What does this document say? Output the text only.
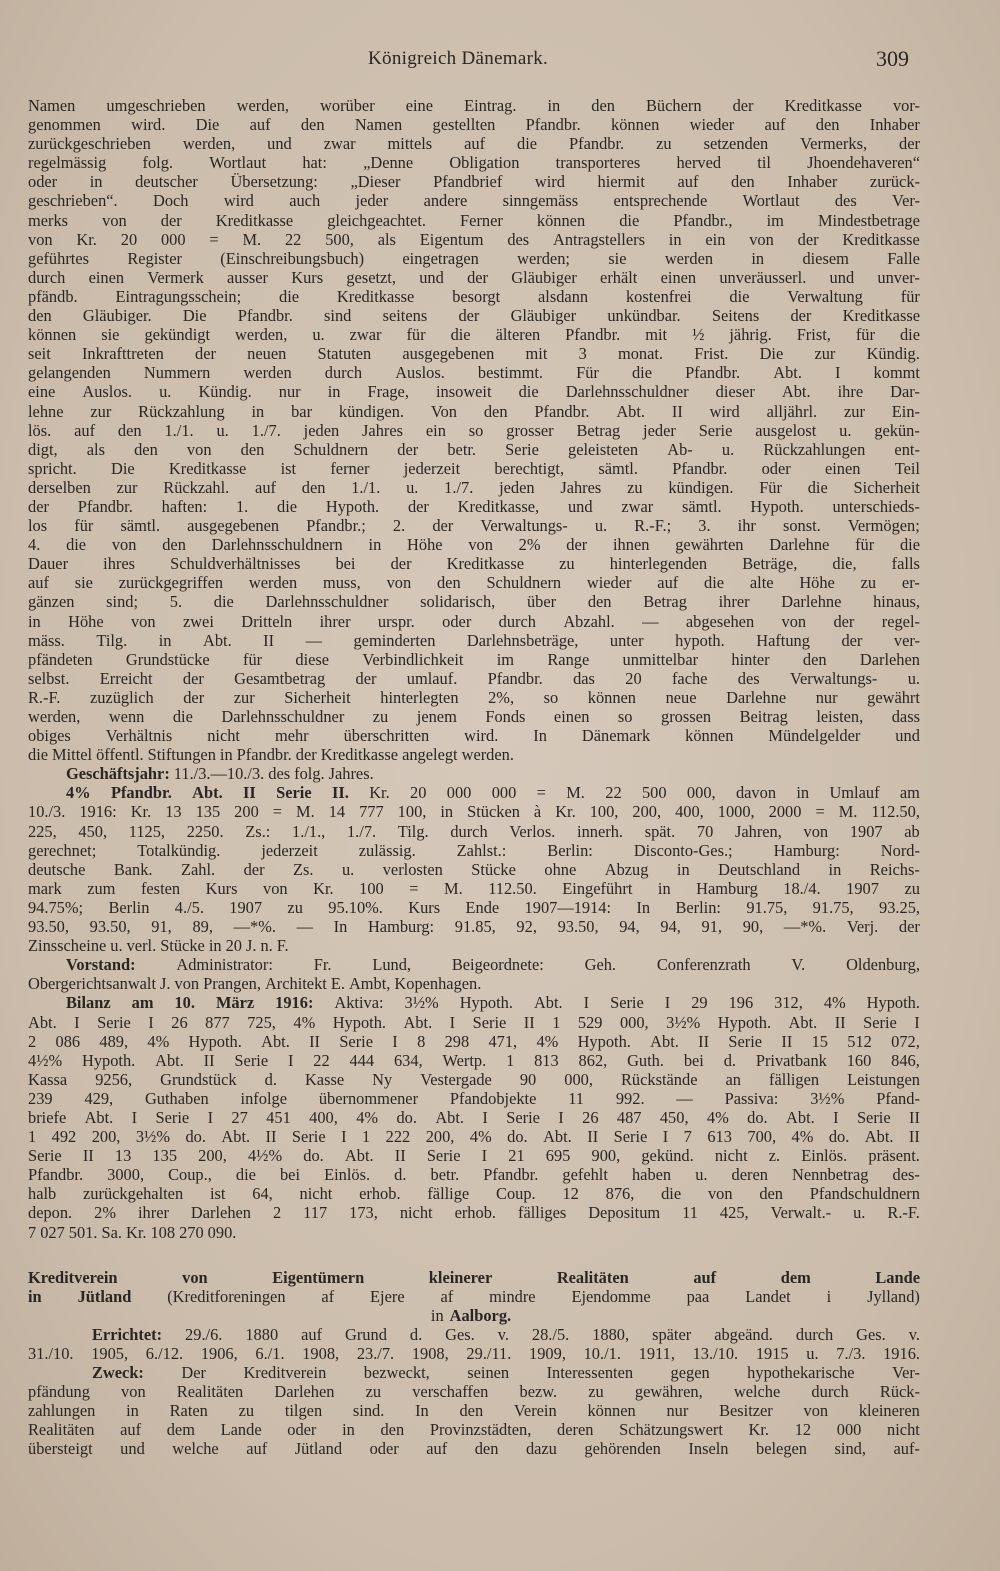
Königreich Dänemark.	309
Namen umgeschrieben werden, worüber eine Eintrag. in den Büchern der Kreditkasse vor-
genommen wird. Die auf den Namen gestellten Pfandbr. können wieder auf den Inhaber
zurückgeschrieben werden, und zwar mittels auf die Pfandbr. zu setzenden Vermerks, der
regelmässig folg. Wortlaut hat: „Denne Obligation transporteres herved til Jhoendehaveren“
oder in deutscher Übersetzung: „Dieser Pfandbrief wird hiermit auf den Inhaber zurück-
geschrieben“. Doch wird auch jeder andere sinngemäss entsprechende Wortlaut des Ver-
merks von der Kreditkasse gleichgeachtet. Ferner können die Pfandbr., im Mindestbetrage
von Kr. 20 000 = M. 22 500, als Eigentum des Antragstellers in ein von der Kreditkasse
geführtes Register (Einschreibungsbuch) eingetragen werden; sie werden in diesem Falle
durch einen Vermerk ausser Kurs gesetzt, und der Gläubiger erhält einen unveräusserl. und unver-
pfändb. Eintragungsschein; die Kreditkasse besorgt alsdann kostenfrei die Verwaltung für
den Gläubiger. Die Pfandbr. sind seitens der Gläubiger unkündbar. Seitens der Kreditkasse
können sie gekündigt werden, u. zwar für die älteren Pfandbr. mit ½ jährig. Frist, für die
seit Inkrafttreten der neuen Statuten ausgegebenen mit 3 monat. Frist. Die zur Kündig.
gelangenden Nummern werden durch Auslos. bestimmt. Für die Pfandbr. Abt. I kommt
eine Auslos. u. Kündig. nur in Frage, insoweit die Darlehnsschuldner dieser Abt. ihre Dar-
lehne zur Rückzahlung in bar kündigen. Von den Pfandbr. Abt. II wird alljährl. zur Ein-
lös. auf den 1./1. u. 1./7. jeden Jahres ein so grosser Betrag jeder Serie ausgelost u. gekün-
digt, als den von den Schuldnern der betr. Serie geleisteten Ab- u. Rückzahlungen ent-
spricht. Die Kreditkasse ist ferner jederzeit berechtigt, sämtl. Pfandbr. oder einen Teil
derselben zur Rückzahl. auf den 1./1. u. 1./7. jeden Jahres zu kündigen. Für die Sicherheit
der Pfandbr. haften: 1. die Hypoth. der Kreditkasse, und zwar sämtl. Hypoth. unterschieds-
los für sämtl. ausgegebenen Pfandbr.; 2. der Verwaltungs- u. R.-F.; 3. ihr sonst. Vermögen;
4. die von den Darlehnsschuldnern in Höhe von 2% der ihnen gewährten Darlehne für die
Dauer ihres Schuldverhältnisses bei der Kreditkasse zu hinterlegenden Beträge, die, falls
auf sie zurückgegriffen werden muss, von den Schuldnern wieder auf die alte Höhe zu er-
gänzen sind; 5. die Darlehnsschuldner solidarisch, über den Betrag ihrer Darlehne hinaus,
in Höhe von zwei Dritteln ihrer urspr. oder durch Abzahl. — abgesehen von der regel-
mäss. Tilg. in Abt. II — geminderten Darlehnsbeträge, unter hypoth. Haftung der ver-
pfändeten Grundstücke für diese Verbindlichkeit im Range unmittelbar hinter den Darlehen
selbst. Erreicht der Gesamtbetrag der umlauf. Pfandbr. das 20 fache des Verwaltungs- u.
R.-F. zuzüglich der zur Sicherheit hinterlegten 2%, so können neue Darlehne nur gewährt
werden, wenn die Darlehnsschuldner zu jenem Fonds einen so grossen Beitrag leisten, dass
obiges Verhältnis nicht mehr überschritten wird. In Dänemark können Mündelgelder und
die Mittel öffentl. Stiftungen in Pfandbr. der Kreditkasse angelegt werden.
Geschäftsjahr: 11./3.—10./3. des folg. Jahres.
4% Pfandbr. Abt. II Serie II. Kr. 20 000 000 = M. 22 500 000, davon in Umlauf am
10./3. 1916: Kr. 13 135 200 = M. 14 777 100, in Stücken à Kr. 100, 200, 400, 1000, 2000 = M. 112.50,
225, 450, 1125, 2250. Zs.: 1./1., 1./7. Tilg. durch Verlos. innerh. spät. 70 Jahren, von 1907 ab
gerechnet;	Totalkündig.	jederzeit	zulässig.	Zahlst.:	Berlin:	Disconto-Ges.;	Hamburg:	Nord-
deutsche Bank. Zahl. der Zs. u. verlosten Stücke ohne Abzug in Deutschland in Reichs-
mark zum festen Kurs von Kr. 100 = M. 112.50. Eingeführt in Hamburg 18./4. 1907 zu
94.75%; Berlin 4./5. 1907 zu 95.10%. Kurs Ende 1907—1914: In Berlin: 91.75, 91.75, 93.25,
93.50, 93.50, 91, 89, —*%. — In Hamburg: 91.85, 92, 93.50, 94, 94, 91, 90, —*%. Verj. der
Zinsscheine u. verl. Stücke in 20 J. n. F.
Vorstand: Administrator: Fr. Lund, Beigeordnete: Geh. Conferenzrath V. Oldenburg,
Obergerichtsanwalt J. von Prangen, Architekt E. Ambt, Kopenhagen.
Bilanz am 10. März 1916: Aktiva: 3½% Hypoth. Abt. I Serie I 29 196 312, 4% Hypoth.
Abt. I Serie I 26 877 725, 4% Hypoth. Abt. I Serie II 1 529 000, 3½% Hypoth. Abt. II Serie I
2 086 489, 4% Hypoth. Abt. II Serie I 8 298 471, 4% Hypoth. Abt. II Serie II 15 512 072,
4½% Hypoth. Abt. II Serie I 22 444 634, Wertp. 1 813 862, Guth. bei d. Privatbank 160 846,
Kassa 9256, Grundstück d. Kasse Ny Vestergade 90 000, Rückstände an fälligen Leistungen
239 429, Guthaben infolge übernommener Pfandobjekte 11 992. — Passiva: 3½% Pfand-
briefe Abt. I Serie I 27 451 400, 4% do. Abt. I Serie I 26 487 450, 4% do. Abt. I Serie II
1 492 200, 3½% do. Abt. II Serie I 1 222 200, 4% do. Abt. II Serie I 7 613 700, 4% do. Abt. II
Serie II 13 135 200, 4½% do. Abt. II Serie I 21 695 900, gekünd. nicht z. Einlös. präsent.
Pfandbr. 3000, Coup., die bei Einlös. d. betr. Pfandbr. gefehlt haben u. deren Nennbetrag des-
halb zurückgehalten ist 64, nicht erhob. fällige Coup. 12 876, die von den Pfandschuldnern
depon. 2% ihrer Darlehen 2 117 173, nicht erhob. fälliges Depositum 11 425, Verwalt.- u. R.-F.
7 027 501. Sa. Kr. 108 270 090.
Kreditverein	von	Eigentümern	kleinerer	Realitäten	auf	dem	Lande
in Jütland (Kreditforeningen af Ejere af mindre Ejendomme paa Landet i Jylland)
in Aalborg.
Errichtet: 29./6. 1880 auf Grund d. Ges. v. 28./5. 1880, später abgeänd. durch Ges. v.
31./10. 1905, 6./12. 1906, 6./1. 1908, 23./7. 1908, 29./11. 1909, 10./1. 1911, 13./10. 1915 u. 7./3. 1916.
Zweck: Der Kreditverein bezweckt, seinen Interessenten gegen hypothekarische Ver-
pfändung von Realitäten Darlehen zu verschaffen bezw. zu gewähren, welche durch Rück-
zahlungen in Raten zu tilgen sind. In den Verein können nur Besitzer von kleineren
Realitäten auf dem Lande oder in den Provinzstädten, deren Schätzungswert Kr. 12 000 nicht
übersteigt und welche auf Jütland oder auf den dazu gehörenden Inseln belegen sind, auf-
